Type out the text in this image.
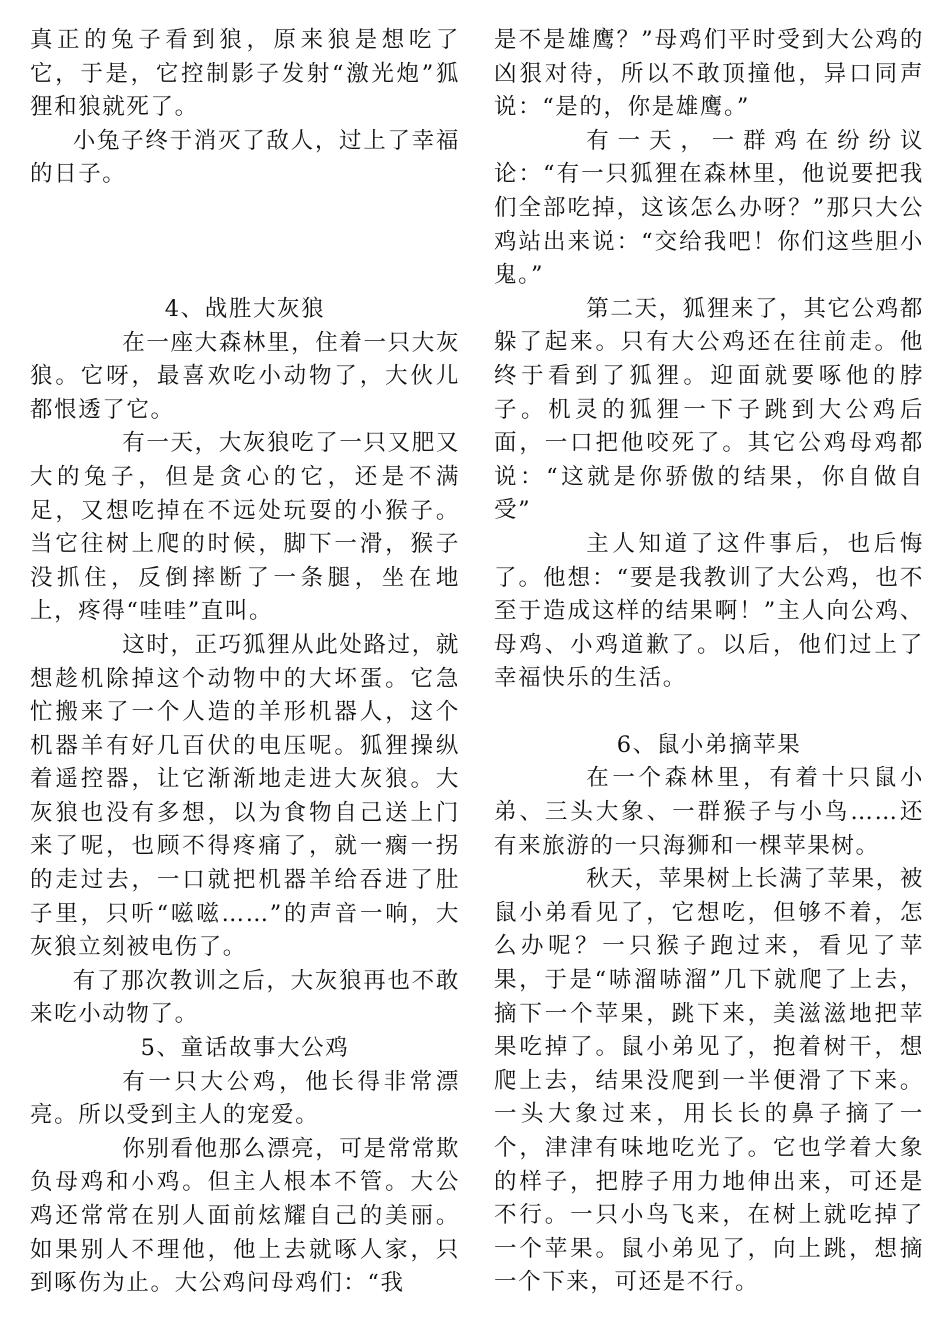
真正的兔子看到狼，原来狼是想吃了它，于是，它控制影子发射“激光炮”狐狸和狼就死了。

小兔子终于消灭了敌人，过上了幸福的日子。

4、战胜大灰狼

在一座大森林里，住着一只大灰狼。它呀，最喜欢吃小动物了，大伙儿都恨透了它。

有一天，大灰狼吃了一只又肥又大的兔子，但是贪心的它，还是不满足，又想吃掉在不远处玩耍的小猴子。当它往树上爬的时候，脚下一滑，猴子没抓住，反倒摔断了一条腿，坐在地上，疼得“哇哇”直叫。

这时，正巧狐狸从此处路过，就想趁机除掉这个动物中的大坏蛋。它急忙搬来了一个人造的羊形机器人，这个机器羊有好几百伏的电压呢。狐狸操纵着遥控器，让它渐渐地走进大灰狼。大灰狼也没有多想，以为食物自己送上门来了呢，也顾不得疼痛了，就一瘸一拐的走过去，一口就把机器羊给吞进了肚子里，只听“嗞嗞……”的声音一响，大灰狼立刻被电伤了。

有了那次教训之后，大灰狼再也不敢来吃小动物了。

5、童话故事大公鸡

有一只大公鸡，他长得非常漂亮。所以受到主人的宠爱。

你别看他那么漂亮，可是常常欺负母鸡和小鸡。但主人根本不管。大公鸡还常常在别人面前炫耀自己的美丽。如果别人不理他，他上去就啄人家，只到啄伤为止。大公鸡问母鸡们：“我

是不是雄鹰？”母鸡们平时受到大公鸡的凶狠对待，所以不敢顶撞他，异口同声说：“是的，你是雄鹰。”

有一天，一群鸡在纷纷议论：“有一只狐狸在森林里，他说要把我们全部吃掉，这该怎么办呀？”那只大公鸡站出来说：“交给我吧！你们这些胆小鬼。”

第二天，狐狸来了，其它公鸡都躲了起来。只有大公鸡还在往前走。他终于看到了狐狸。迎面就要啄他的脖子。机灵的狐狸一下子跳到大公鸡后面，一口把他咬死了。其它公鸡母鸡都说：“这就是你骄傲的结果，你自做自受”

主人知道了这件事后，也后悔了。他想：“要是我教训了大公鸡，也不至于造成这样的结果啊！”主人向公鸡、母鸡、小鸡道歉了。以后，他们过上了幸福快乐的生活。

6、鼠小弟摘苹果

在一个森林里，有着十只鼠小弟、三头大象、一群猴子与小鸟……还有来旅游的一只海狮和一棵苹果树。

秋天，苹果树上长满了苹果，被鼠小弟看见了，它想吃，但够不着，怎么办呢？一只猴子跑过来，看见了苹果，于是“哧溜哧溜”几下就爬了上去，摘下一个苹果，跳下来，美滋滋地把苹果吃掉了。鼠小弟见了，抱着树干，想爬上去，结果没爬到一半便滑了下来。一头大象过来，用长长的鼻子摘了一个，津津有味地吃光了。它也学着大象的样子，把脖子用力地伸出来，可还是不行。一只小鸟飞来，在树上就吃掉了一个苹果。鼠小弟见了，向上跳，想摘一个下来，可还是不行。
